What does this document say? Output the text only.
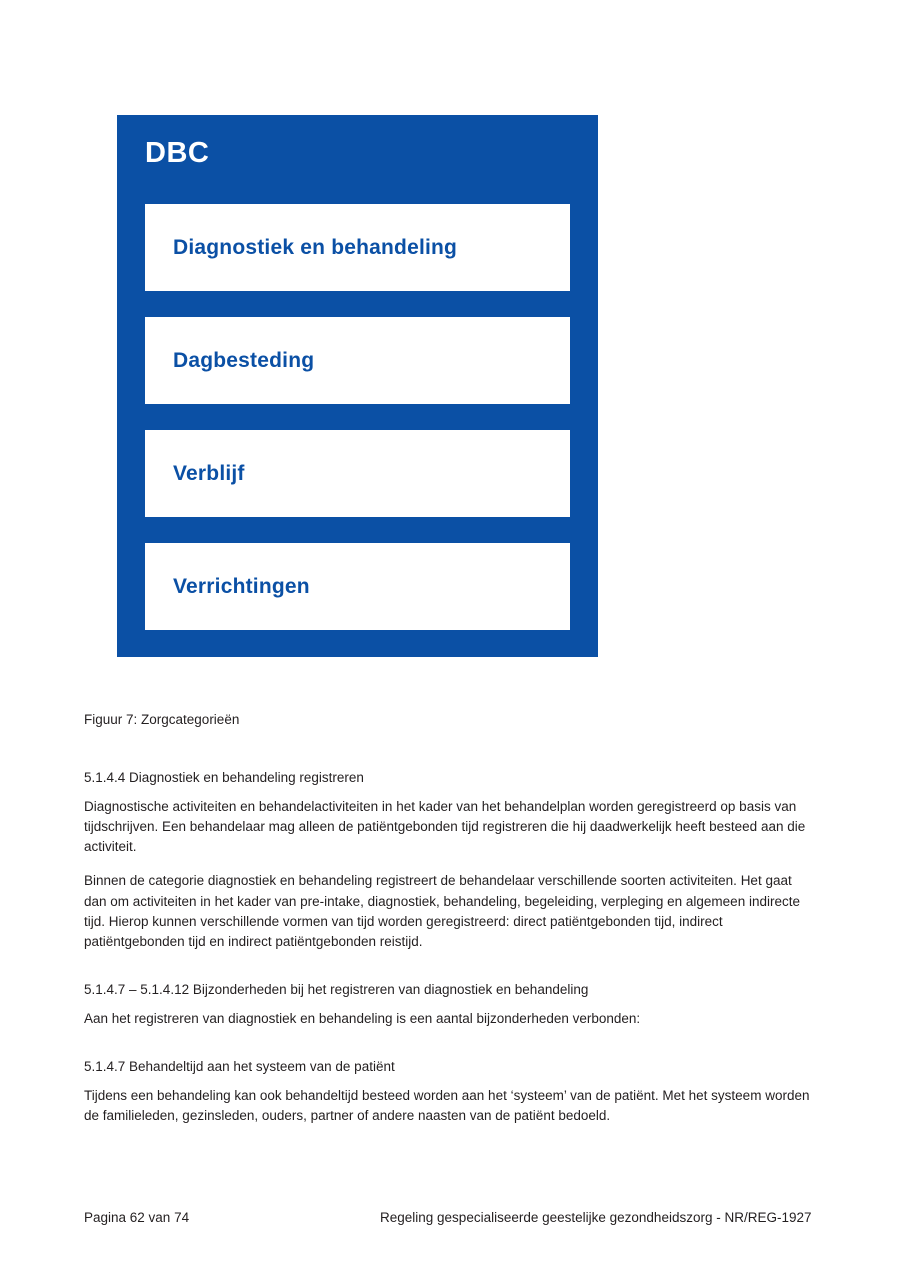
DBC
Diagnostiek en behandeling
Dagbesteding
Verblijf
Verrichtingen
Figuur 7: Zorgcategorieën
5.1.4.4 Diagnostiek en behandeling registreren

Diagnostische activiteiten en behandelactiviteiten in het kader van het behandelplan worden geregistreerd op basis van tijdschrijven. Een behandelaar mag alleen de patiëntgebonden tijd registreren die hij daadwerkelijk heeft besteed aan die activiteit.

Binnen de categorie diagnostiek en behandeling registreert de behandelaar verschillende soorten activiteiten. Het gaat dan om activiteiten in het kader van pre-intake, diagnostiek, behandeling, begeleiding, verpleging en algemeen indirecte tijd. Hierop kunnen verschillende vormen van tijd worden geregistreerd: direct patiëntgebonden tijd, indirect patiëntgebonden tijd en indirect patiëntgebonden reistijd.

5.1.4.7 – 5.1.4.12 Bijzonderheden bij het registreren van diagnostiek en behandeling

Aan het registreren van diagnostiek en behandeling is een aantal bijzonderheden verbonden:

5.1.4.7 Behandeltijd aan het systeem van de patiënt

Tijdens een behandeling kan ook behandeltijd besteed worden aan het ‘systeem’ van de patiënt. Met het systeem worden de familieleden, gezinsleden, ouders, partner of andere naasten van de patiënt bedoeld.

Pagina 62 van 74	Regeling gespecialiseerde geestelijke gezondheidszorg - NR/REG-1927
